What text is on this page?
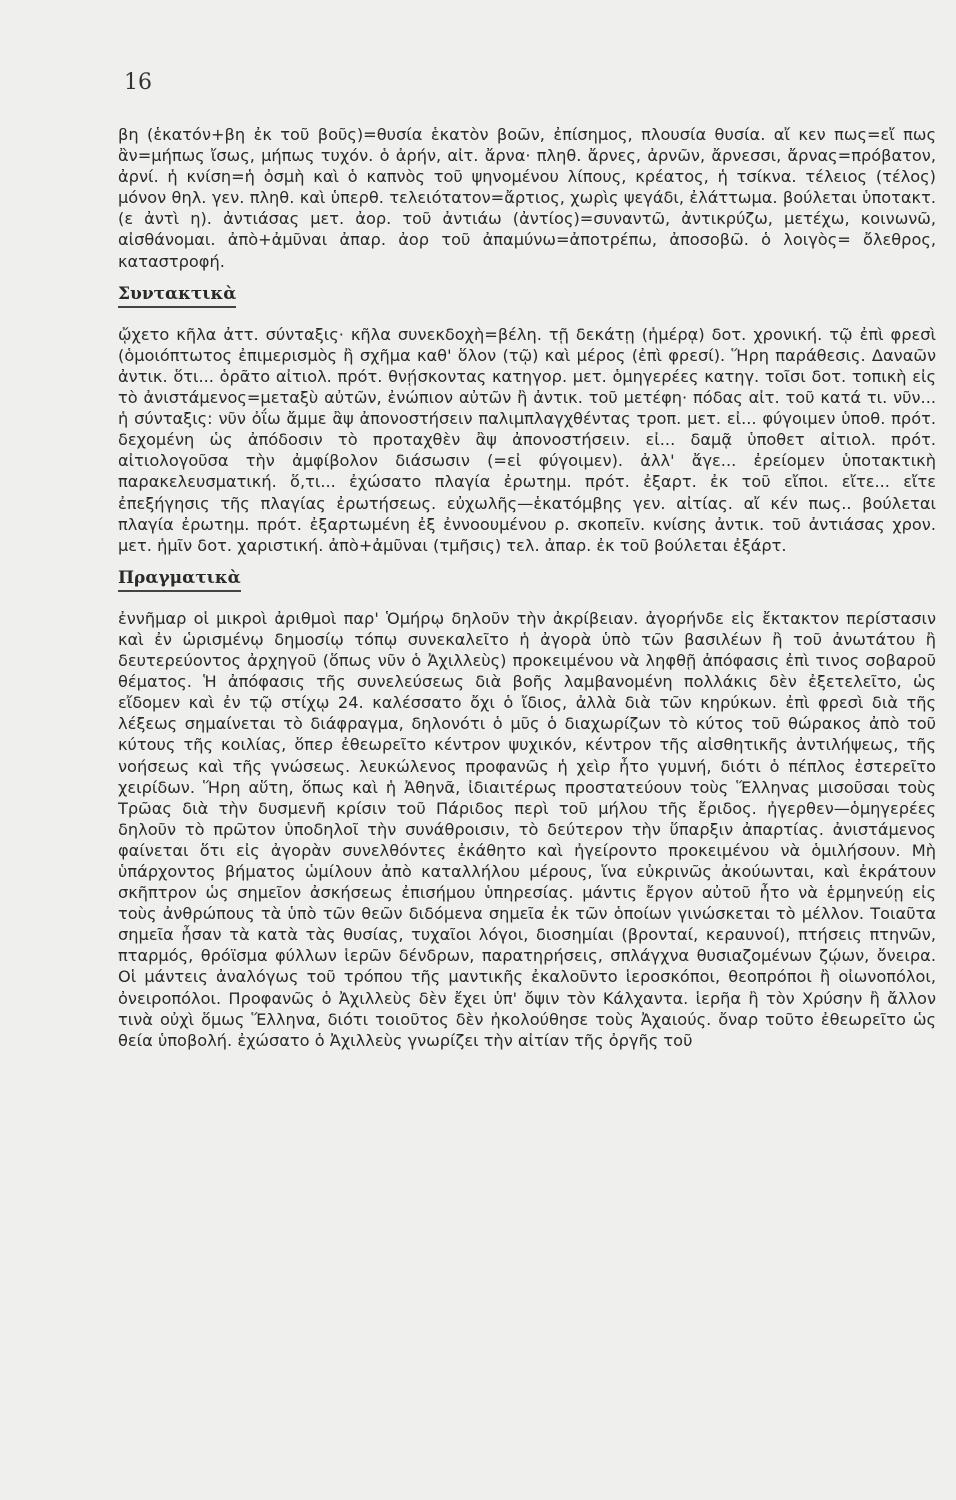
16

βη (ἑκατόν+βη ἐκ τοῦ βοῦς)=θυσία ἑκατὸν βοῶν, ἐπίσημος, πλουσία θυσία. αἴ κεν πως=εἴ πως ἂν=μήπως ἴσως, μήπως τυχόν. ὁ ἀρήν, αἰτ. ἄρνα· πληθ. ἄρνες, ἀρνῶν, ἄρνεσσι, ἄρνας=πρόβατον, ἀρνί. ἡ κνίση=ἡ ὀσμὴ καὶ ὁ καπνὸς τοῦ ψηνομένου λίπους, κρέατος, ἡ τσίκνα. τέλειος (τέλος) μόνον θηλ. γεν. πληθ. καὶ ὑπερθ. τελειότατον=ἄρτιος, χωρὶς ψεγάδι, ἐλάττωμα. βούλεται ὑποτακτ. (ε ἀντὶ η). ἀντιάσας μετ. ἀορ. τοῦ ἀντιάω (ἀντίος)=συναντῶ, ἀντικρύζω, μετέχω, κοινωνῶ, αἰσθάνομαι. ἀπὸ+ἀμῦναι ἀπαρ. ἀορ τοῦ ἀπαμύνω=ἀποτρέπω, ἀποσοβῶ. ὁ λοιγὸς= ὄλεθρος, καταστροφή.

Συντακτικὰ

ᾤχετο κῆλα ἀττ. σύνταξις· κῆλα συνεκδοχὴ=βέλη. τῇ δεκάτῃ (ἡμέρᾳ) δοτ. χρονική. τῷ ἐπὶ φρεσὶ (ὁμοιόπτωτος ἐπιμερισμὸς ἢ σχῆμα καθ' ὅλον (τῷ) καὶ μέρος (ἐπὶ φρεσί). Ἥρη παράθεσις. Δαναῶν ἀντικ. ὅτι... ὁρᾶτο αἰτιολ. πρότ. θνῄσκοντας κατηγορ. μετ. ὁμηγερέες κατηγ. τοῖσι δοτ. τοπικὴ εἰς τὸ ἀνιστάμενος=μεταξὺ αὐτῶν, ἐνώπιον αὐτῶν ἢ ἀντικ. τοῦ μετέφη· πόδας αἰτ. τοῦ κατά τι. νῦν... ἡ σύνταξις: νῦν ὀΐω ἄμμε ἂψ ἀπονοστήσειν παλιμπλαγχθέντας τροπ. μετ. εἰ... φύγοιμεν ὑποθ. πρότ. δεχομένη ὡς ἀπόδοσιν τὸ προταχθὲν ἂψ ἀπονοστήσειν. εἰ... δαμᾷ ὑποθετ αἰτιολ. πρότ. αἰτιολογοῦσα τὴν ἀμφίβολον διάσωσιν (=εἰ φύγοιμεν). ἀλλ' ἄγε... ἐρείομεν ὑποτακτικὴ παρακελευσματική. ὅ,τι... ἐχώσατο πλαγία ἐρωτημ. πρότ. ἐξαρτ. ἐκ τοῦ εἴποι. εἴτε... εἴτε ἐπεξήγησις τῆς πλαγίας ἐρωτήσεως. εὐχωλῆς—ἑκατόμβης γεν. αἰτίας. αἴ κέν πως.. βούλεται πλαγία ἐρωτημ. πρότ. ἐξαρτωμένη ἐξ ἐννοουμένου ρ. σκοπεῖν. κνίσης ἀντικ. τοῦ ἀντιάσας χρον. μετ. ἡμῖν δοτ. χαριστική. ἀπὸ+ἀμῦναι (τμῆσις) τελ. ἀπαρ. ἐκ τοῦ βούλεται ἐξάρτ.

Πραγματικὰ

ἐννῆμαρ οἱ μικροὶ ἀριθμοὶ παρ' Ὁμήρῳ δηλοῦν τὴν ἀκρίβειαν. ἀγορήνδε εἰς ἔκτακτον περίστασιν καὶ ἐν ὡρισμένῳ δημοσίῳ τόπῳ συνεκαλεῖτο ἡ ἀγορὰ ὑπὸ τῶν βασιλέων ἢ τοῦ ἀνωτάτου ἢ δευτερεύοντος ἀρχηγοῦ (ὅπως νῦν ὁ Ἀχιλλεὺς) προκειμένου νὰ ληφθῇ ἀπόφασις ἐπὶ τινος σοβαροῦ θέματος. Ἡ ἀπόφασις τῆς συνελεύσεως διὰ βοῆς λαμβανομένη πολλάκις δὲν ἐξετελεῖτο, ὡς εἴδομεν καὶ ἐν τῷ στίχῳ 24. καλέσσατο ὄχι ὁ ἴδιος, ἀλλὰ διὰ τῶν κηρύκων. ἐπὶ φρεσὶ διὰ τῆς λέξεως σημαίνεται τὸ διάφραγμα, δηλονότι ὁ μῦς ὁ διαχωρίζων τὸ κύτος τοῦ θώρακος ἀπὸ τοῦ κύτους τῆς κοιλίας, ὅπερ ἐθεωρεῖτο κέντρον ψυχικόν, κέντρον τῆς αἰσθητικῆς ἀντιλήψεως, τῆς νοήσεως καὶ τῆς γνώσεως. λευκώλενος προφανῶς ἡ χεὶρ ἦτο γυμνή, διότι ὁ πέπλος ἐστερεῖτο χειρίδων. Ἥρη αὕτη, ὅπως καὶ ἡ Ἀθηνᾶ, ἰδιαιτέρως προστατεύουν τοὺς Ἕλληνας μισοῦσαι τοὺς Τρῶας διὰ τὴν δυσμενῆ κρίσιν τοῦ Πάριδος περὶ τοῦ μήλου τῆς ἔριδος. ἠγερθεν—ὁμηγερέες δηλοῦν τὸ πρῶτον ὑποδηλοῖ τὴν συνάθροισιν, τὸ δεύτερον τὴν ὕπαρξιν ἀπαρτίας. ἀνιστάμενος φαίνεται ὅτι εἰς ἀγορὰν συνελθόντες ἐκάθητο καὶ ἠγείροντο προκειμένου νὰ ὁμιλήσουν. Μὴ ὑπάρχοντος βήματος ὡμίλουν ἀπὸ καταλλήλου μέρους, ἵνα εὐκρινῶς ἀκούωνται, καὶ ἐκράτουν σκῆπτρον ὡς σημεῖον ἀσκήσεως ἐπισήμου ὑπηρεσίας. μάντις ἔργον αὐτοῦ ἦτο νὰ ἑρμηνεύῃ εἰς τοὺς ἀνθρώπους τὰ ὑπὸ τῶν θεῶν διδόμενα σημεῖα ἐκ τῶν ὁποίων γινώσκεται τὸ μέλλον. Τοιαῦτα σημεῖα ἦσαν τὰ κατὰ τὰς θυσίας, τυχαῖοι λόγοι, διοσημίαι (βρονταί, κεραυνοί), πτήσεις πτηνῶν, πταρμός, θρόϊσμα φύλλων ἱερῶν δένδρων, παρατηρήσεις, σπλάγχνα θυσιαζομένων ζῴων, ὄνειρα. Οἱ μάντεις ἀναλόγως τοῦ τρόπου τῆς μαντικῆς ἐκαλοῦντο ἱεροσκόποι, θεοπρόποι ἢ οἰωνοπόλοι, ὀνειροπόλοι. Προφανῶς ὁ Ἀχιλλεὺς δὲν ἔχει ὑπ' ὄψιν τὸν Κάλχαντα. ἱερῆα ἢ τὸν Χρύσην ἢ ἄλλον τινὰ οὐχὶ ὅμως Ἕλληνα, διότι τοιοῦτος δὲν ἠκολούθησε τοὺς Ἀχαιούς. ὄναρ τοῦτο ἐθεωρεῖτο ὡς θεία ὑποβολή. ἐχώσατο ὁ Ἀχιλλεὺς γνωρίζει τὴν αἰτίαν τῆς ὀργῆς τοῦ
